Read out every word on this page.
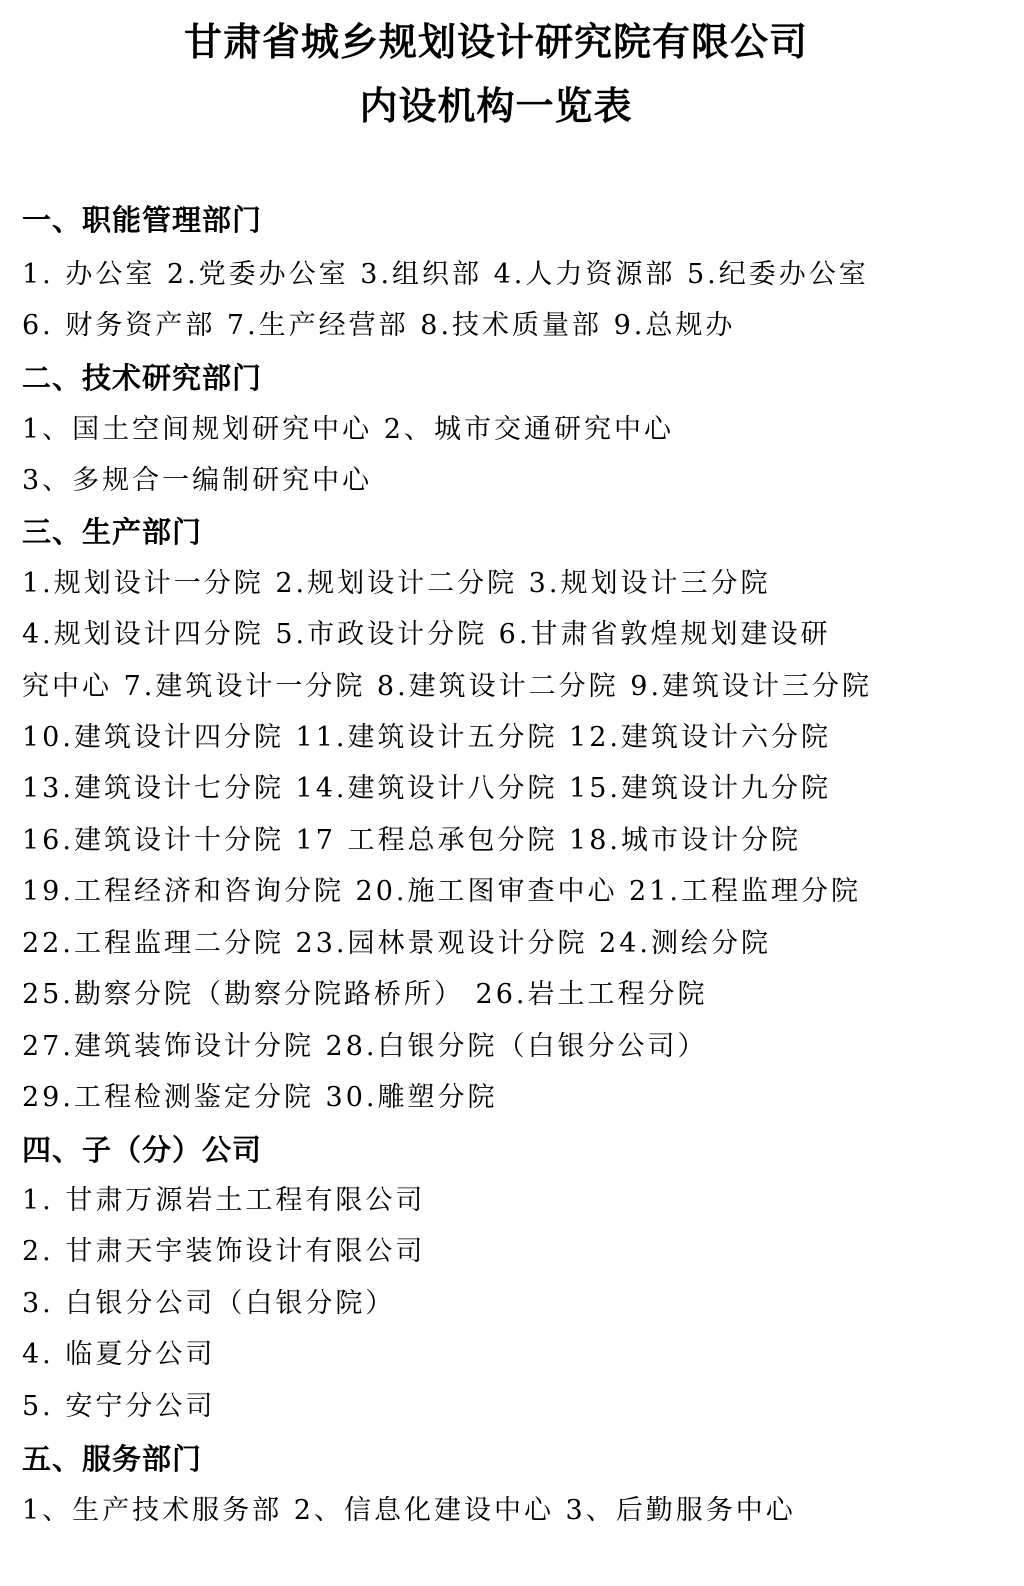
甘肃省城乡规划设计研究院有限公司
内设机构一览表
一、职能管理部门
1. 办公室 2.党委办公室 3.组织部 4.人力资源部 5.纪委办公室
6. 财务资产部 7.生产经营部 8.技术质量部 9.总规办
二、技术研究部门
1、国土空间规划研究中心 2、城市交通研究中心
3、多规合一编制研究中心
三、生产部门
1.规划设计一分院 2.规划设计二分院 3.规划设计三分院
4.规划设计四分院 5.市政设计分院 6.甘肃省敦煌规划建设研
究中心 7.建筑设计一分院 8.建筑设计二分院 9.建筑设计三分院
10.建筑设计四分院 11.建筑设计五分院 12.建筑设计六分院
13.建筑设计七分院 14.建筑设计八分院 15.建筑设计九分院
16.建筑设计十分院 17 工程总承包分院 18.城市设计分院
19.工程经济和咨询分院 20.施工图审查中心 21.工程监理分院
22.工程监理二分院 23.园林景观设计分院 24.测绘分院
25.勘察分院（勘察分院路桥所） 26.岩土工程分院
27.建筑装饰设计分院 28.白银分院（白银分公司）
29.工程检测鉴定分院 30.雕塑分院
四、子（分）公司
1. 甘肃万源岩土工程有限公司
2. 甘肃天宇装饰设计有限公司
3. 白银分公司（白银分院）
4. 临夏分公司
5. 安宁分公司
五、服务部门
1、生产技术服务部 2、信息化建设中心 3、后勤服务中心
